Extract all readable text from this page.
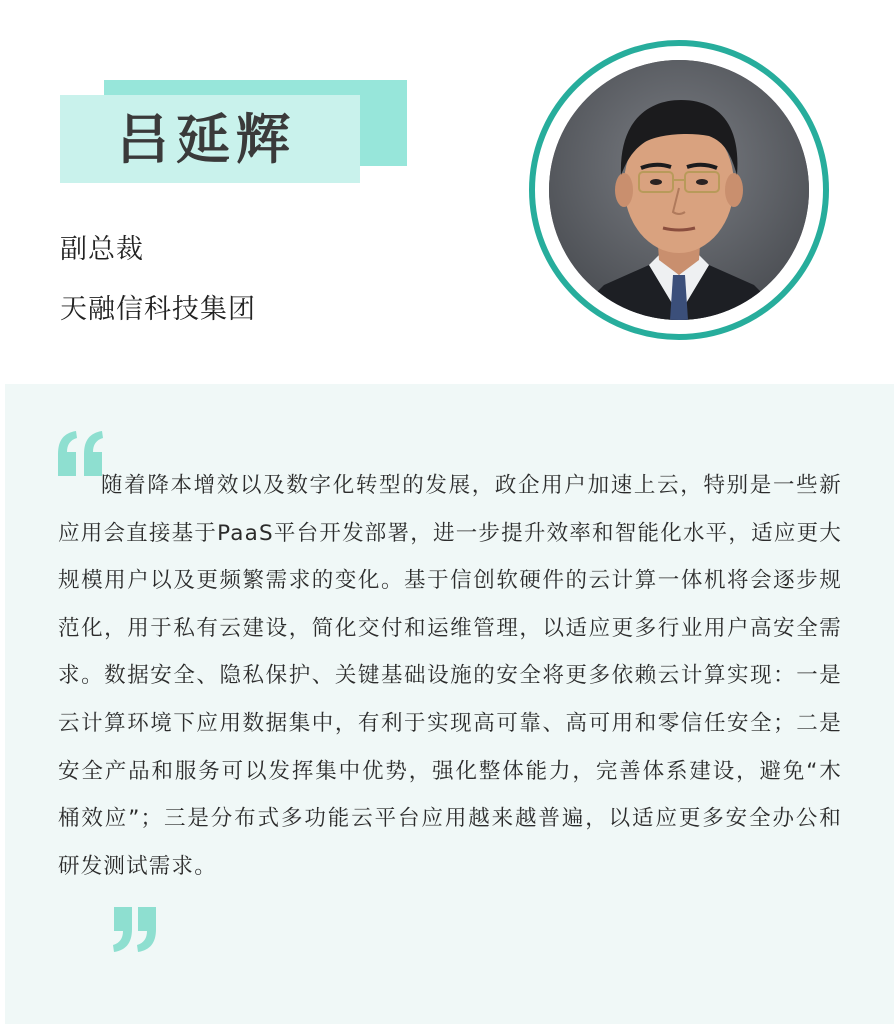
吕延辉
副总裁
天融信科技集团
随着降本增效以及数字化转型的发展，政企用户加速上云，特别是一些新应用会直接基于PaaS平台开发部署，进一步提升效率和智能化水平，适应更大规模用户以及更频繁需求的变化。基于信创软硬件的云计算一体机将会逐步规范化，用于私有云建设，简化交付和运维管理，以适应更多行业用户高安全需求。数据安全、隐私保护、关键基础设施的安全将更多依赖云计算实现：一是云计算环境下应用数据集中，有利于实现高可靠、高可用和零信任安全；二是安全产品和服务可以发挥集中优势，强化整体能力，完善体系建设，避免“木桶效应”；三是分布式多功能云平台应用越来越普遍，以适应更多安全办公和研发测试需求。
